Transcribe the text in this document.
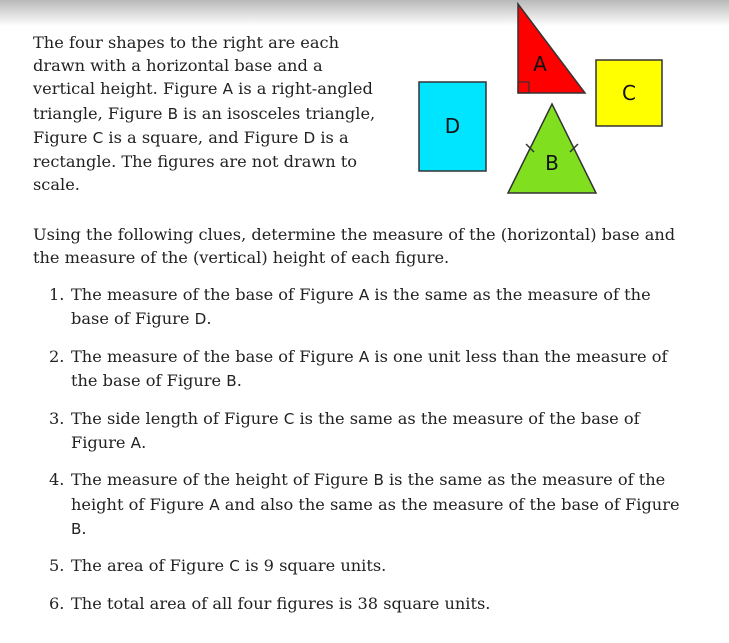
The four shapes to the right are each drawn with a horizontal base and a vertical height. Figure A is a right-angled triangle, Figure B is an isosceles triangle, Figure C is a square, and Figure D is a rectangle. The figures are not drawn to scale.

D
A
B
C

Using the following clues, determine the measure of the (horizontal) base and the measure of the (vertical) height of each figure.

1. The measure of the base of Figure A is the same as the measure of the base of Figure D.
2. The measure of the base of Figure A is one unit less than the measure of the base of Figure B.
3. The side length of Figure C is the same as the measure of the base of Figure A.
4. The measure of the height of Figure B is the same as the measure of the height of Figure A and also the same as the measure of the base of Figure B.
5. The area of Figure C is 9 square units.
6. The total area of all four figures is 38 square units.
